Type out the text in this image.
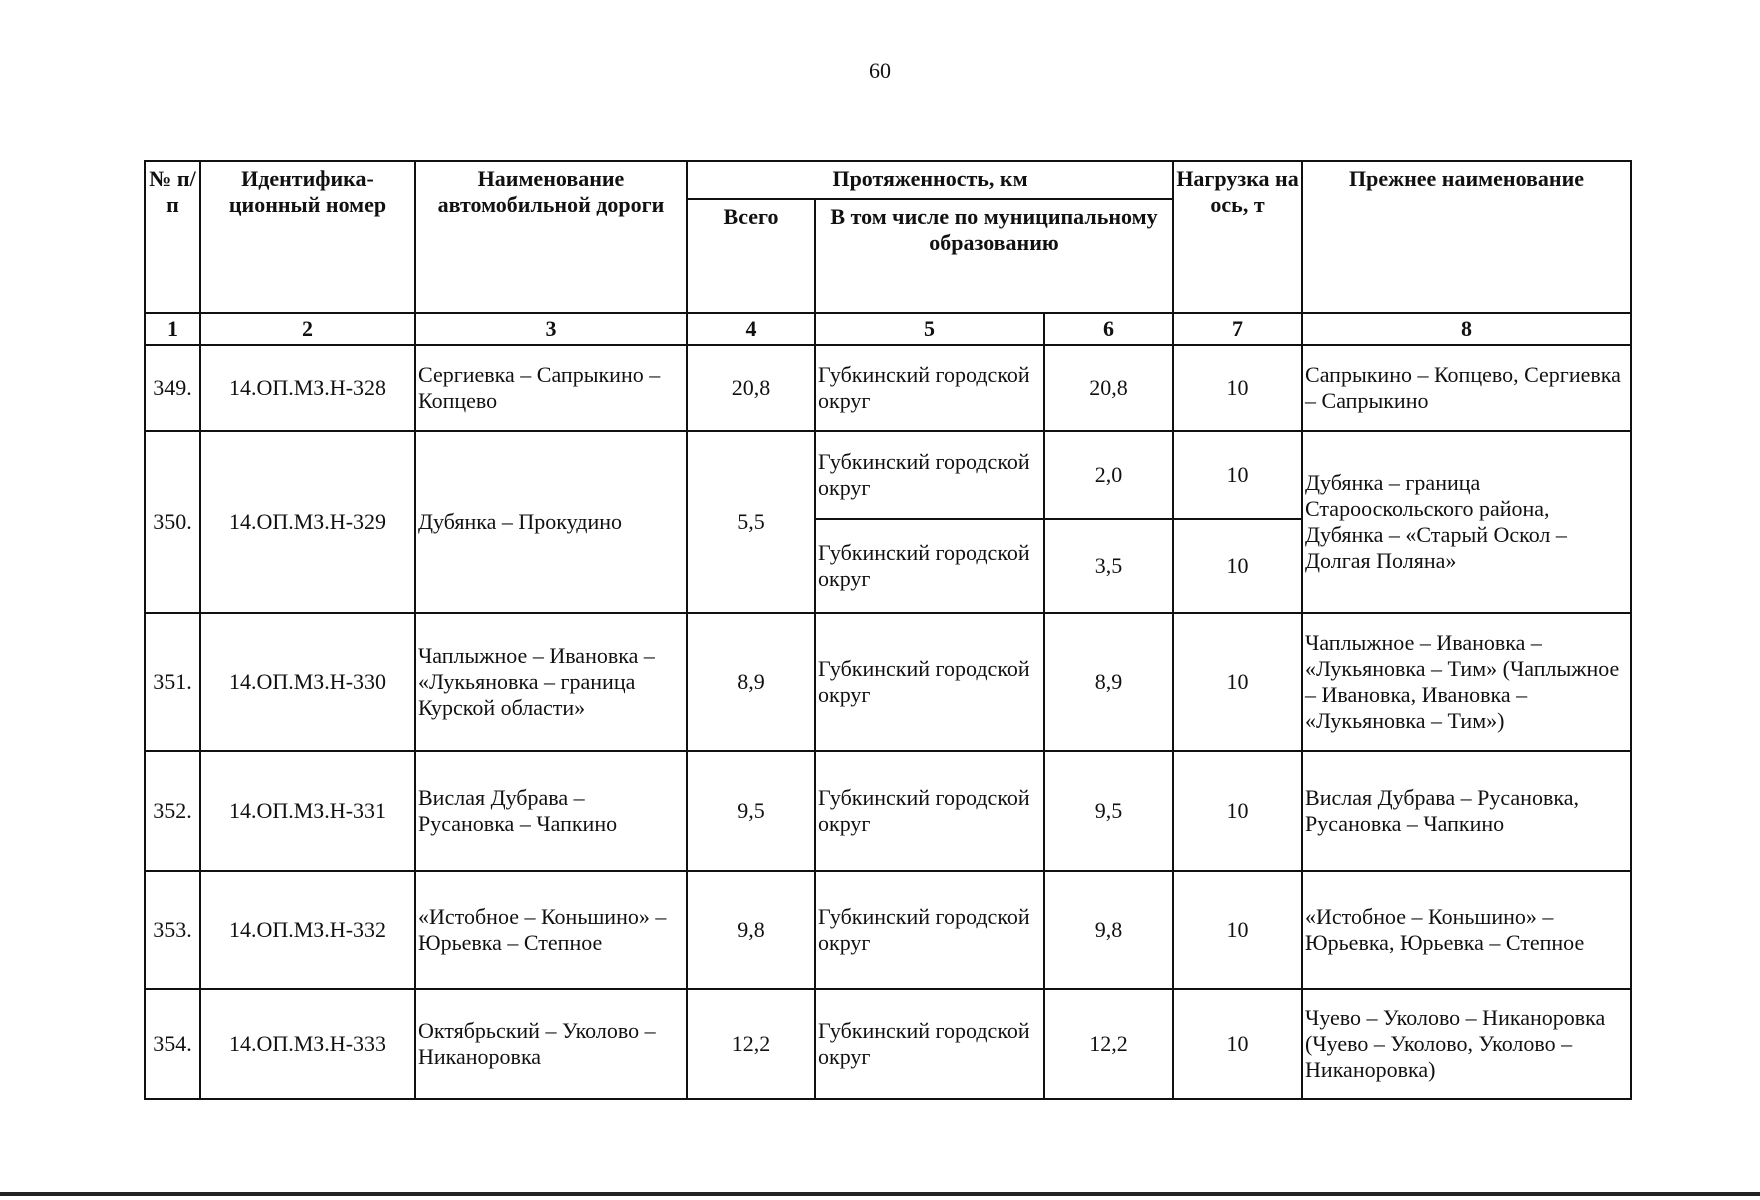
60
№ п/п	Идентифика-ционный номер	Наименование автомобильной дороги	Протяженность, км			Нагрузка на ось, т	Прежнее наименование
			Всего	В том числе по муниципальному образованию			
1	2	3	4	5	6	7	8
349.	14.ОП.МЗ.Н-328	Сергиевка – Сапрыкино – Копцево	20,8	Губкинский городской округ	20,8	10	Сапрыкино – Копцево, Сергиевка – Сапрыкино
350.	14.ОП.МЗ.Н-329	Дубянка – Прокудино	5,5	Губкинский городской округ	2,0	10	Дубянка – граница Старооскольского района, Дубянка – «Старый Оскол – Долгая Поляна»
				Губкинский городской округ	3,5	10	
351.	14.ОП.МЗ.Н-330	Чаплыжное – Ивановка – «Лукьяновка – граница Курской области»	8,9	Губкинский городской округ	8,9	10	Чаплыжное – Ивановка – «Лукьяновка – Тим» (Чаплыжное – Ивановка, Ивановка – «Лукьяновка – Тим»)
352.	14.ОП.МЗ.Н-331	Вислая Дубрава – Русановка – Чапкино	9,5	Губкинский городской округ	9,5	10	Вислая Дубрава – Русановка, Русановка – Чапкино
353.	14.ОП.МЗ.Н-332	«Истобное – Коньшино» – Юрьевка – Степное	9,8	Губкинский городской округ	9,8	10	«Истобное – Коньшино» – Юрьевка, Юрьевка – Степное
354.	14.ОП.МЗ.Н-333	Октябрьский – Уколово – Никаноровка	12,2	Губкинский городской округ	12,2	10	Чуево – Уколово – Никаноровка (Чуево – Уколово, Уколово – Никаноровка)
